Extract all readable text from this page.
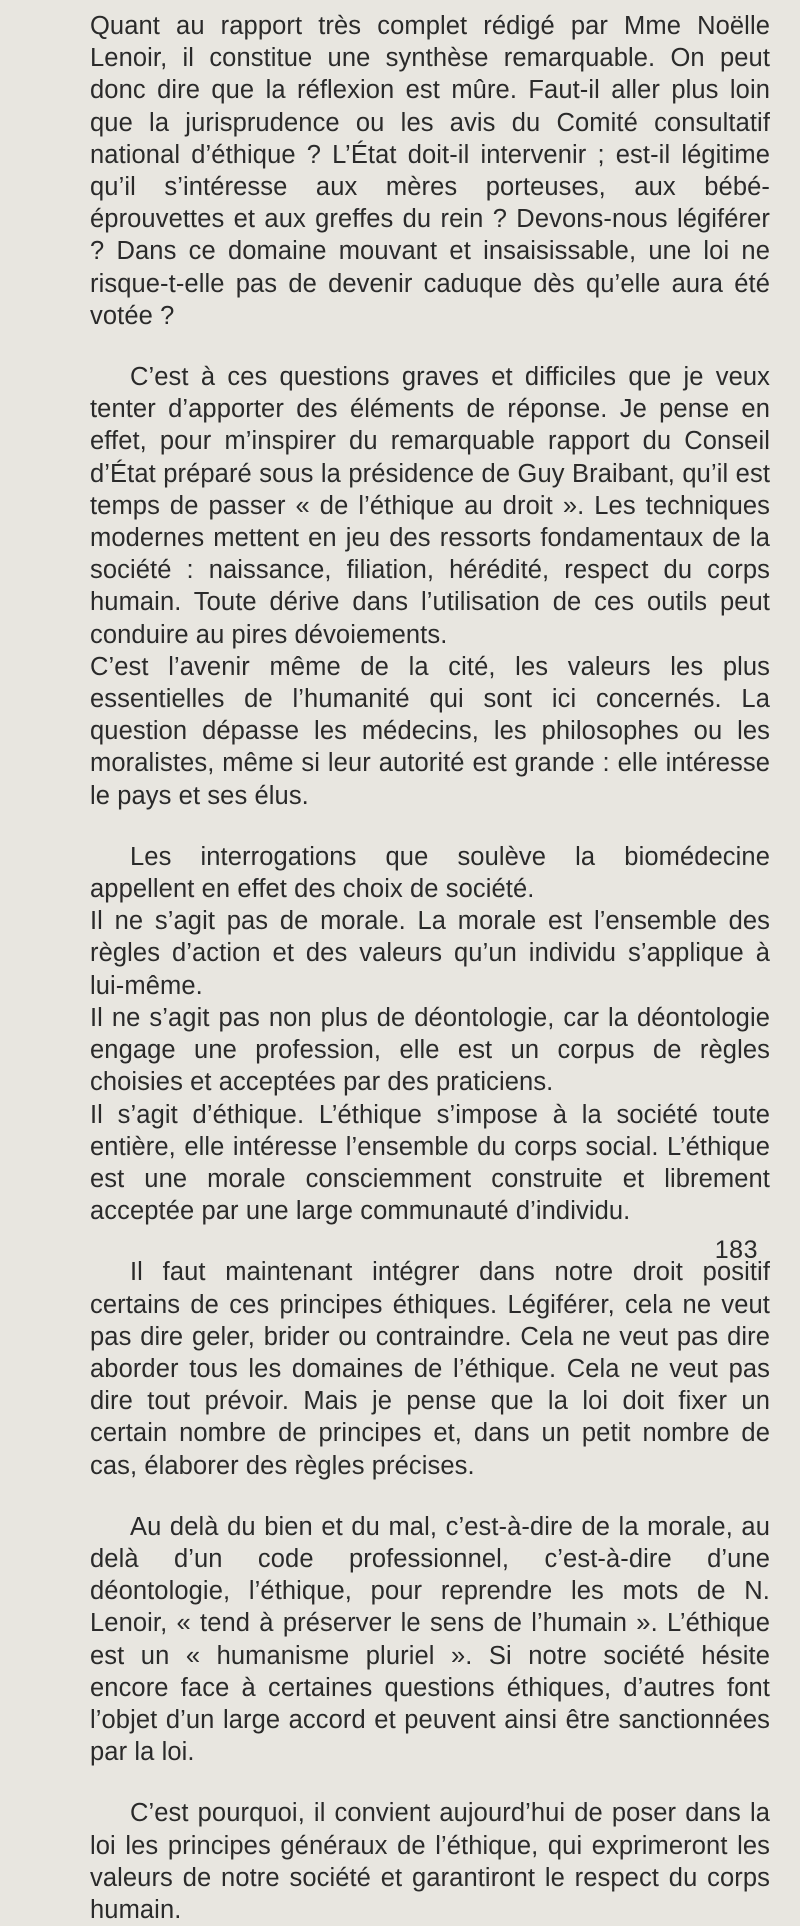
Quant au rapport très complet rédigé par Mme Noëlle Lenoir, il constitue une synthèse remarquable. On peut donc dire que la réflexion est mûre. Faut-il aller plus loin que la jurisprudence ou les avis du Comité consultatif national d’éthique ? L’État doit-il intervenir ; est-il légitime qu’il s’intéresse aux mères porteuses, aux bébé-éprouvettes et aux greffes du rein ? Devons-nous légiférer ? Dans ce domaine mouvant et insaisissable, une loi ne risque-t-elle pas de devenir caduque dès qu’elle aura été votée ?

C’est à ces questions graves et difficiles que je veux tenter d’apporter des éléments de réponse. Je pense en effet, pour m’inspirer du remarquable rapport du Conseil d’État préparé sous la présidence de Guy Braibant, qu’il est temps de passer « de l’éthique au droit ». Les techniques modernes mettent en jeu des ressorts fondamentaux de la société : naissance, filiation, hérédité, respect du corps humain. Toute dérive dans l’utilisation de ces outils peut conduire au pires dévoiements.

C’est l’avenir même de la cité, les valeurs les plus essentielles de l’humanité qui sont ici concernés. La question dépasse les médecins, les philosophes ou les moralistes, même si leur autorité est grande : elle intéresse le pays et ses élus.

Les interrogations que soulève la biomédecine appellent en effet des choix de société.

Il ne s’agit pas de morale. La morale est l’ensemble des règles d’action et des valeurs qu’un individu s’applique à lui-même.

Il ne s’agit pas non plus de déontologie, car la déontologie engage une profession, elle est un corpus de règles choisies et acceptées par des praticiens.

Il s’agit d’éthique. L’éthique s’impose à la société toute entière, elle intéresse l’ensemble du corps social. L’éthique est une morale consciemment construite et librement acceptée par une large communauté d’individu.

Il faut maintenant intégrer dans notre droit positif certains de ces principes éthiques. Légiférer, cela ne veut pas dire geler, brider ou contraindre. Cela ne veut pas dire aborder tous les domaines de l’éthique. Cela ne veut pas dire tout prévoir. Mais je pense que la loi doit fixer un certain nombre de principes et, dans un petit nombre de cas, élaborer des règles précises.

Au delà du bien et du mal, c’est-à-dire de la morale, au delà d’un code professionnel, c’est-à-dire d’une déontologie, l’éthique, pour reprendre les mots de N. Lenoir, « tend à préserver le sens de l’humain ». L’éthique est un « humanisme pluriel ». Si notre société hésite encore face à certaines questions éthiques, d’autres font l’objet d’un large accord et peuvent ainsi être sanctionnées par la loi.

C’est pourquoi, il convient aujourd’hui de poser dans la loi les principes généraux de l’éthique, qui exprimeront les valeurs de notre société et garantiront le respect du corps humain.

183
